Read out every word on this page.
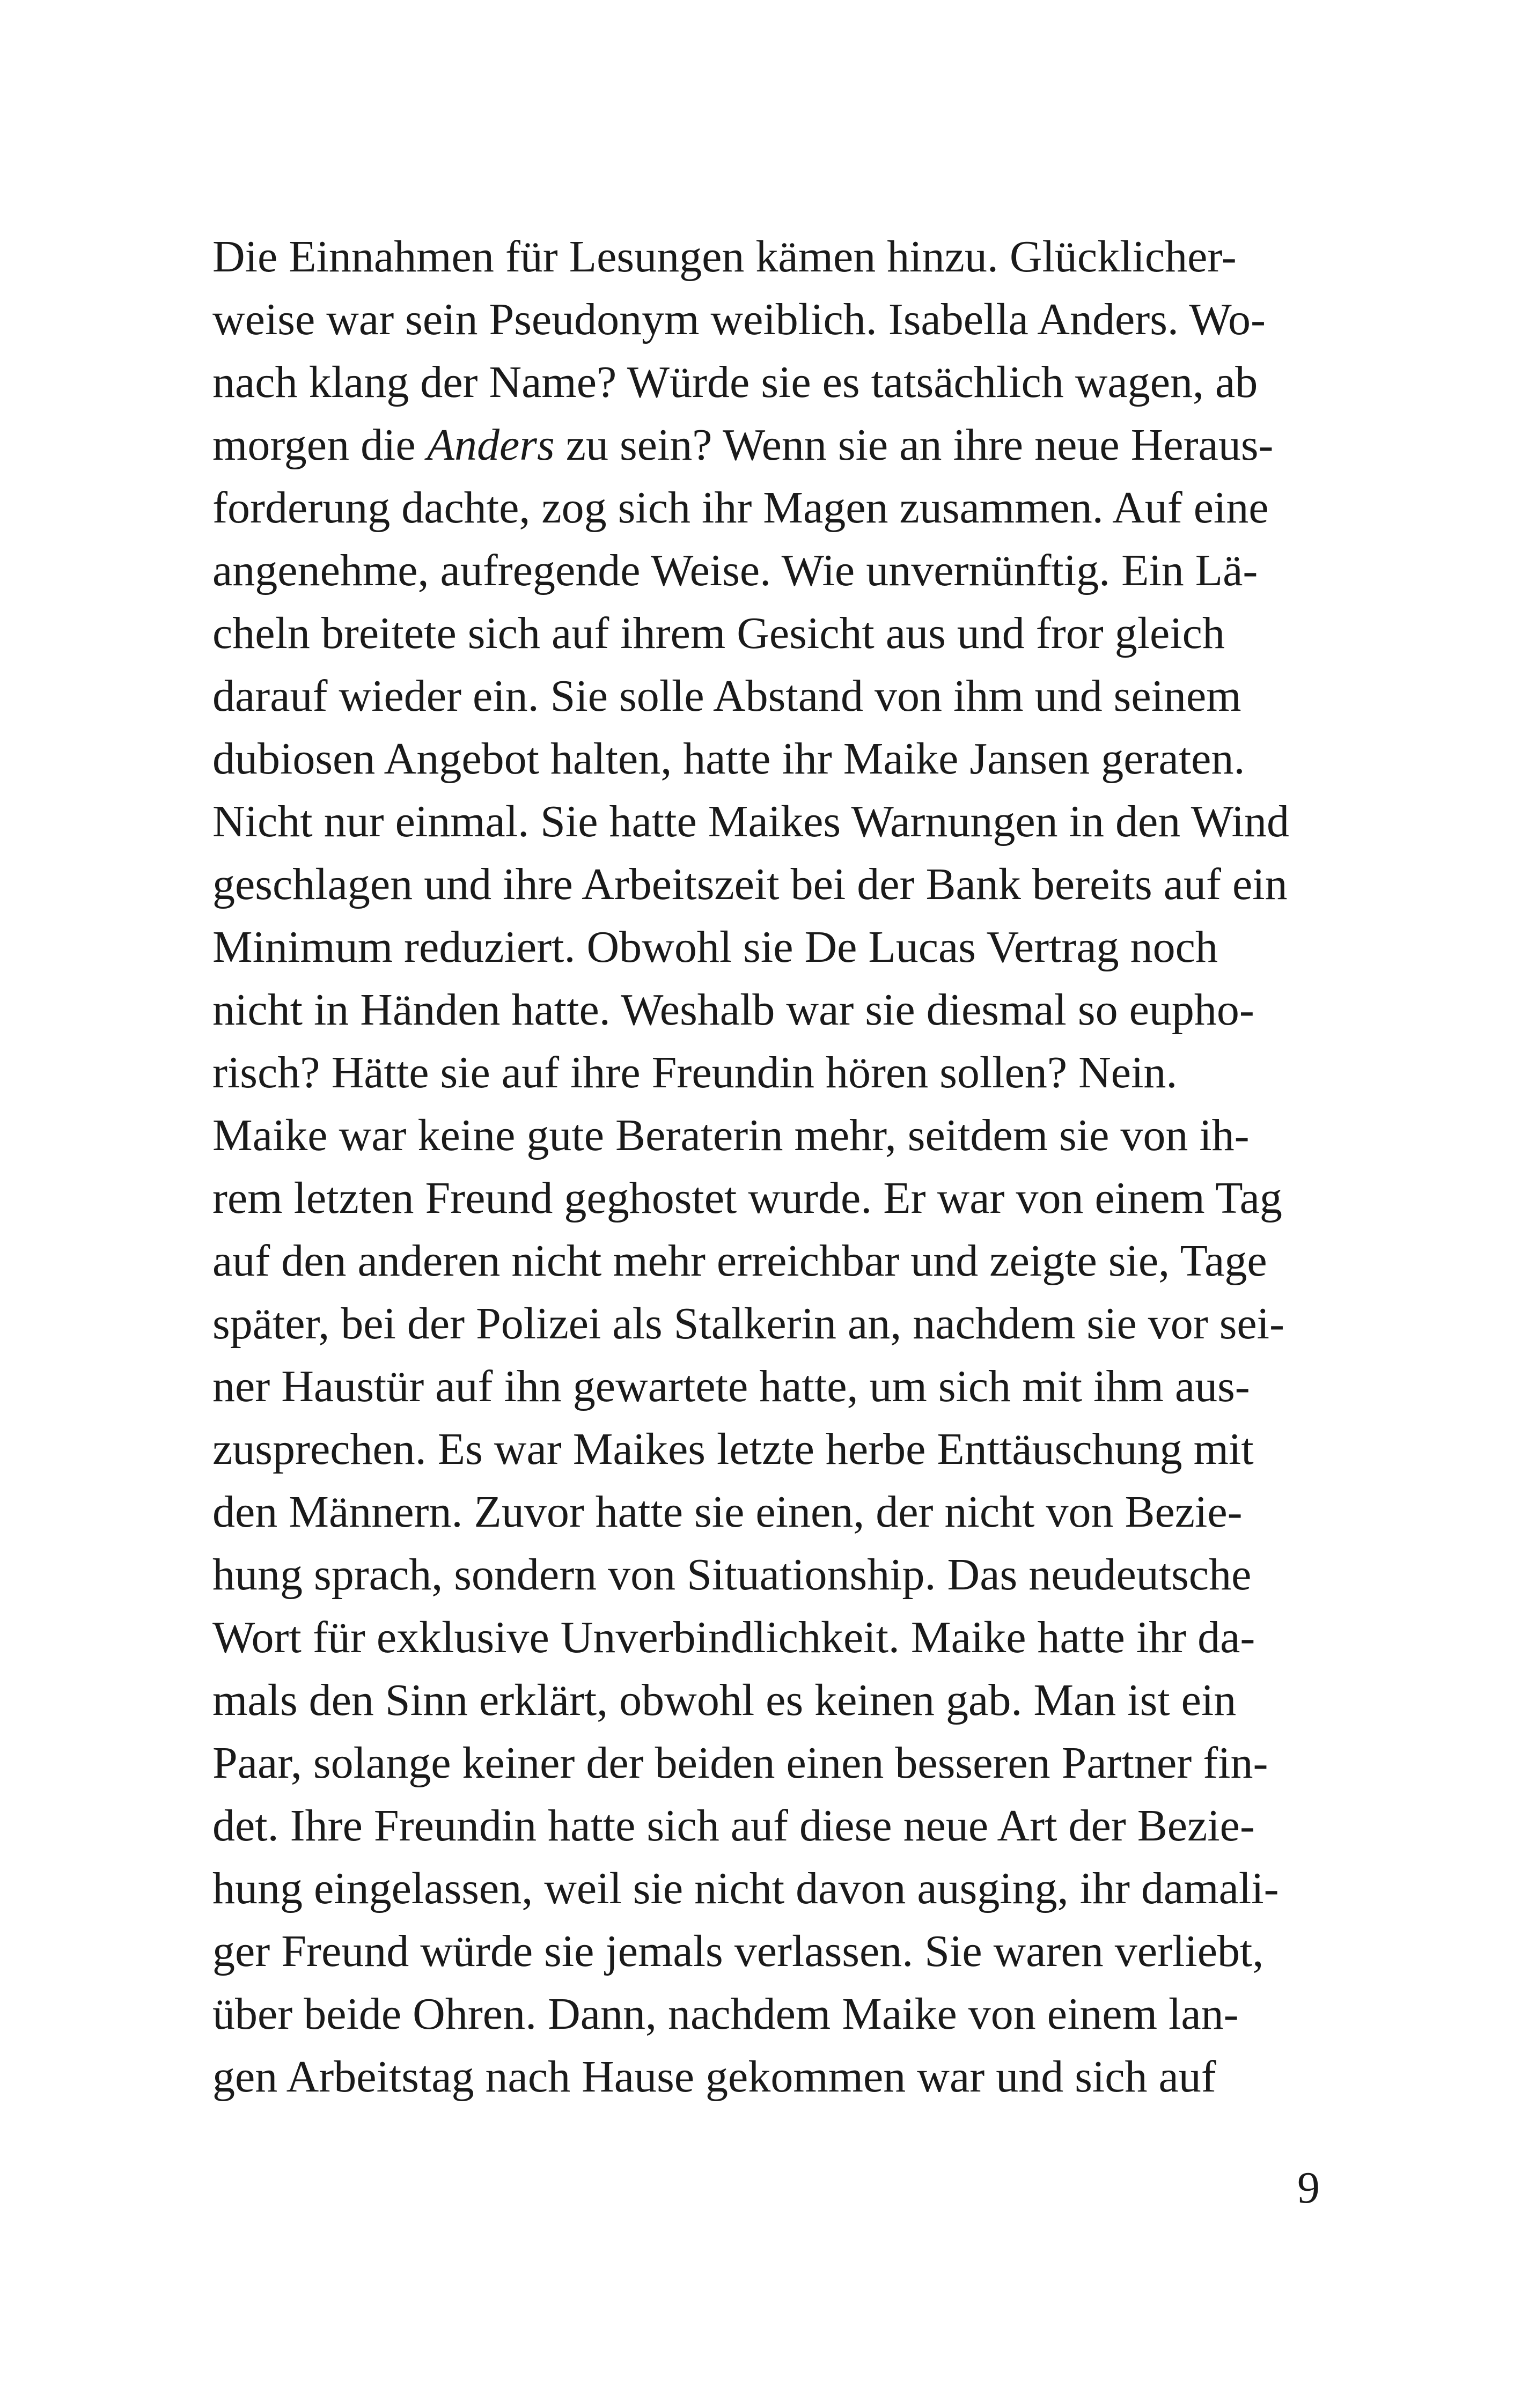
Die Einnahmen für Lesungen kämen hinzu. Glücklicher-
weise war sein Pseudonym weiblich. Isabella Anders. Wo-
nach klang der Name? Würde sie es tatsächlich wagen, ab
morgen die Anders zu sein? Wenn sie an ihre neue Heraus-
forderung dachte, zog sich ihr Magen zusammen. Auf eine
angenehme, aufregende Weise. Wie unvernünftig. Ein Lä-
cheln breitete sich auf ihrem Gesicht aus und fror gleich
darauf wieder ein. Sie solle Abstand von ihm und seinem
dubiosen Angebot halten, hatte ihr Maike Jansen geraten.
Nicht nur einmal. Sie hatte Maikes Warnungen in den Wind
geschlagen und ihre Arbeitszeit bei der Bank bereits auf ein
Minimum reduziert. Obwohl sie De Lucas Vertrag noch
nicht in Händen hatte. Weshalb war sie diesmal so eupho-
risch? Hätte sie auf ihre Freundin hören sollen? Nein.
Maike war keine gute Beraterin mehr, seitdem sie von ih-
rem letzten Freund geghostet wurde. Er war von einem Tag
auf den anderen nicht mehr erreichbar und zeigte sie, Tage
später, bei der Polizei als Stalkerin an, nachdem sie vor sei-
ner Haustür auf ihn gewartete hatte, um sich mit ihm aus-
zusprechen. Es war Maikes letzte herbe Enttäuschung mit
den Männern. Zuvor hatte sie einen, der nicht von Bezie-
hung sprach, sondern von Situationship. Das neudeutsche
Wort für exklusive Unverbindlichkeit. Maike hatte ihr da-
mals den Sinn erklärt, obwohl es keinen gab. Man ist ein
Paar, solange keiner der beiden einen besseren Partner fin-
det. Ihre Freundin hatte sich auf diese neue Art der Bezie-
hung eingelassen, weil sie nicht davon ausging, ihr damali-
ger Freund würde sie jemals verlassen. Sie waren verliebt,
über beide Ohren. Dann, nachdem Maike von einem lan-
gen Arbeitstag nach Hause gekommen war und sich auf
9
